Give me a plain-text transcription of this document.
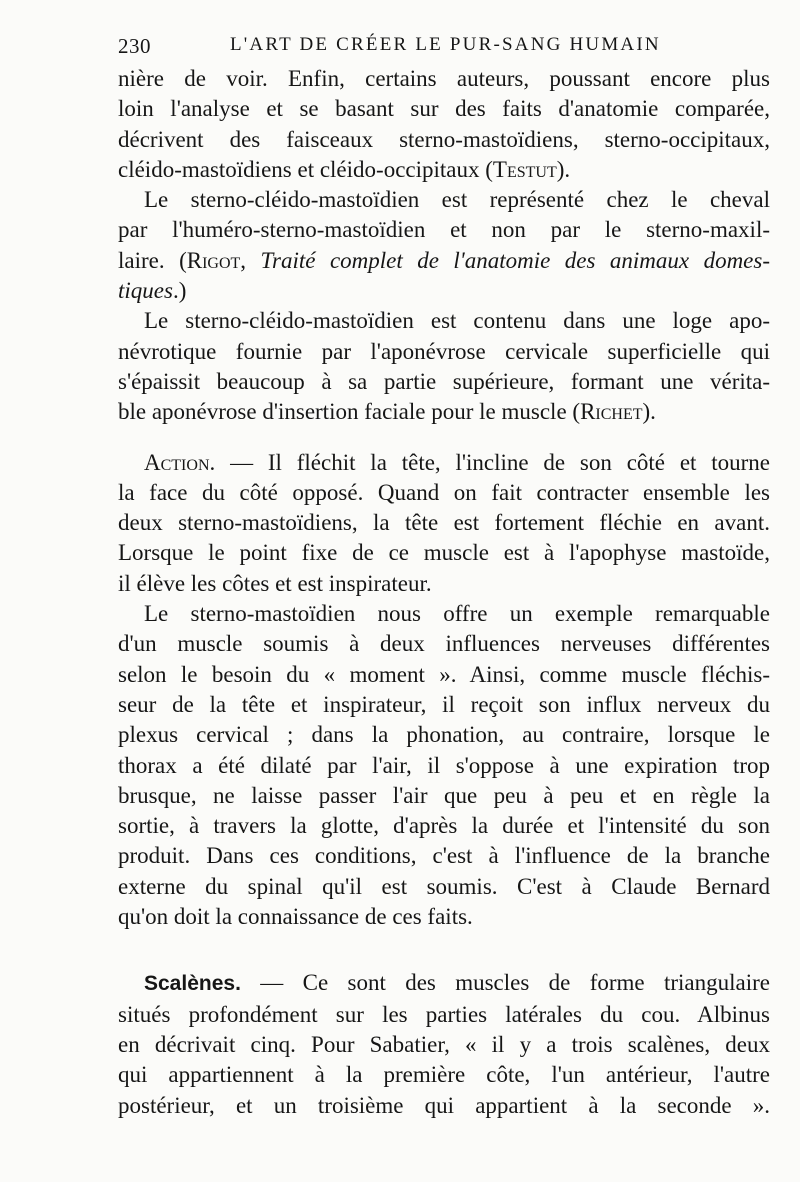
230	L'ART DE CRÉER LE PUR-SANG HUMAIN
nière de voir. Enfin, certains auteurs, poussant encore plus
loin l'analyse et se basant sur des faits d'anatomie comparée,
décrivent des faisceaux sterno-mastoïdiens, sterno-occipitaux,
cléido-mastoïdiens et cléido-occipitaux (Testut).
Le sterno-cléido-mastoïdien est représenté chez le cheval
par l'huméro-sterno-mastoïdien et non par le sterno-maxil-
laire. (Rigot, Traité complet de l'anatomie des animaux domes-
tiques.)
Le sterno-cléido-mastoïdien est contenu dans une loge apo-
névrotique fournie par l'aponévrose cervicale superficielle qui
s'épaissit beaucoup à sa partie supérieure, formant une vérita-
ble aponévrose d'insertion faciale pour le muscle (Richet).
Action. — Il fléchit la tête, l'incline de son côté et tourne
la face du côté opposé. Quand on fait contracter ensemble les
deux sterno-mastoïdiens, la tête est fortement fléchie en avant.
Lorsque le point fixe de ce muscle est à l'apophyse mastoïde,
il élève les côtes et est inspirateur.
Le sterno-mastoïdien nous offre un exemple remarquable
d'un muscle soumis à deux influences nerveuses différentes
selon le besoin du « moment ». Ainsi, comme muscle fléchis-
seur de la tête et inspirateur, il reçoit son influx nerveux du
plexus cervical ; dans la phonation, au contraire, lorsque le
thorax a été dilaté par l'air, il s'oppose à une expiration trop
brusque, ne laisse passer l'air que peu à peu et en règle la
sortie, à travers la glotte, d'après la durée et l'intensité du son
produit. Dans ces conditions, c'est à l'influence de la branche
externe du spinal qu'il est soumis. C'est à Claude Bernard
qu'on doit la connaissance de ces faits.
Scalènes. — Ce sont des muscles de forme triangulaire
situés profondément sur les parties latérales du cou. Albinus
en décrivait cinq. Pour Sabatier, « il y a trois scalènes, deux
qui appartiennent à la première côte, l'un antérieur, l'autre
postérieur, et un troisième qui appartient à la seconde ».
